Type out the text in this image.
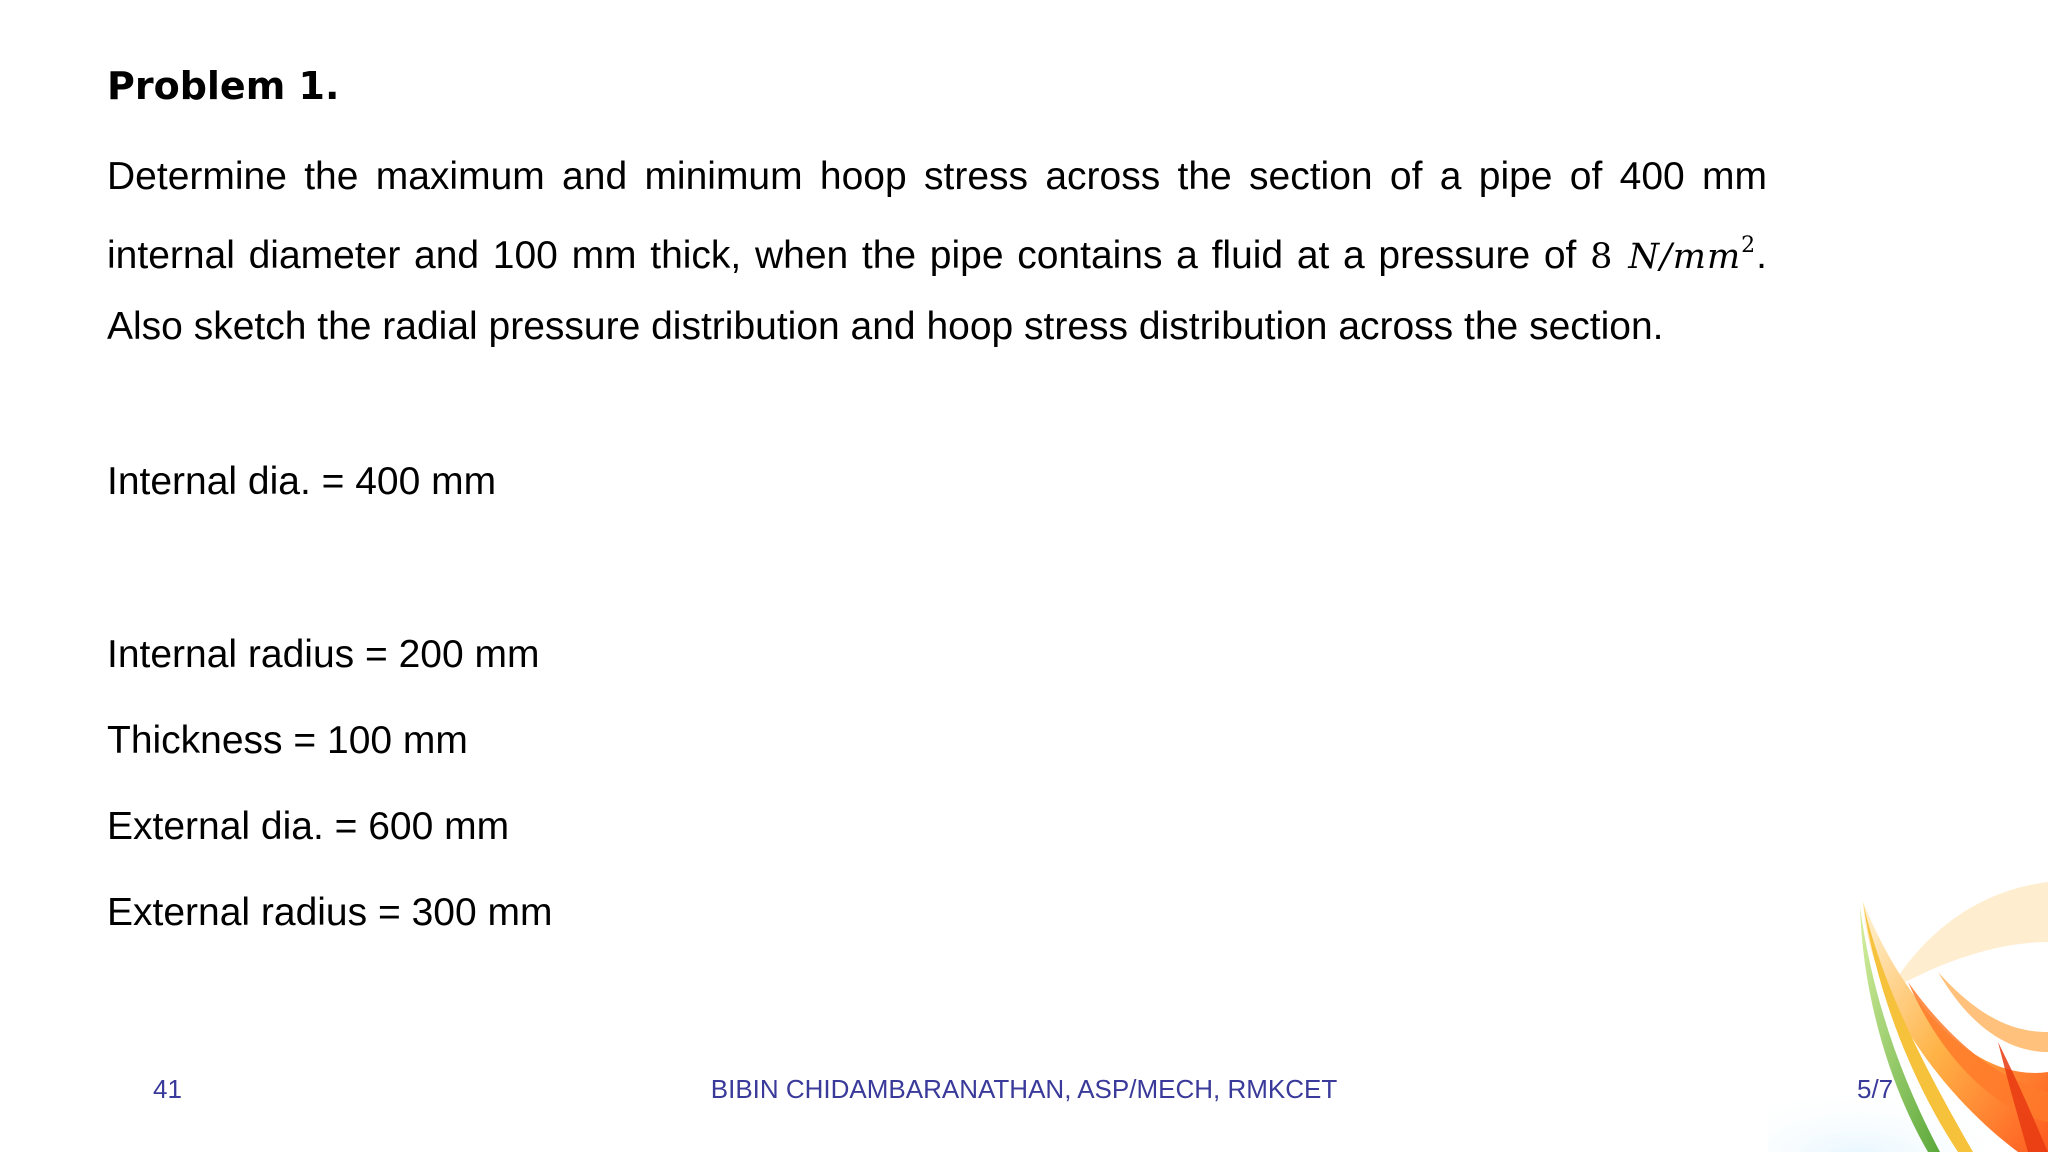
Problem 1.
Determine the maximum and minimum hoop stress across the section of a pipe of 400 mm internal diameter and 100 mm thick, when the pipe contains a fluid at a pressure of 8 $N/mm^2$. Also sketch the radial pressure distribution and hoop stress distribution across the section.
Internal dia. = 400 mm
Internal radius = 200 mm
Thickness = 100 mm
External dia. = 600 mm
External radius = 300 mm
41	BIBIN CHIDAMBARANATHAN, ASP/MECH, RMKCET	5/7
